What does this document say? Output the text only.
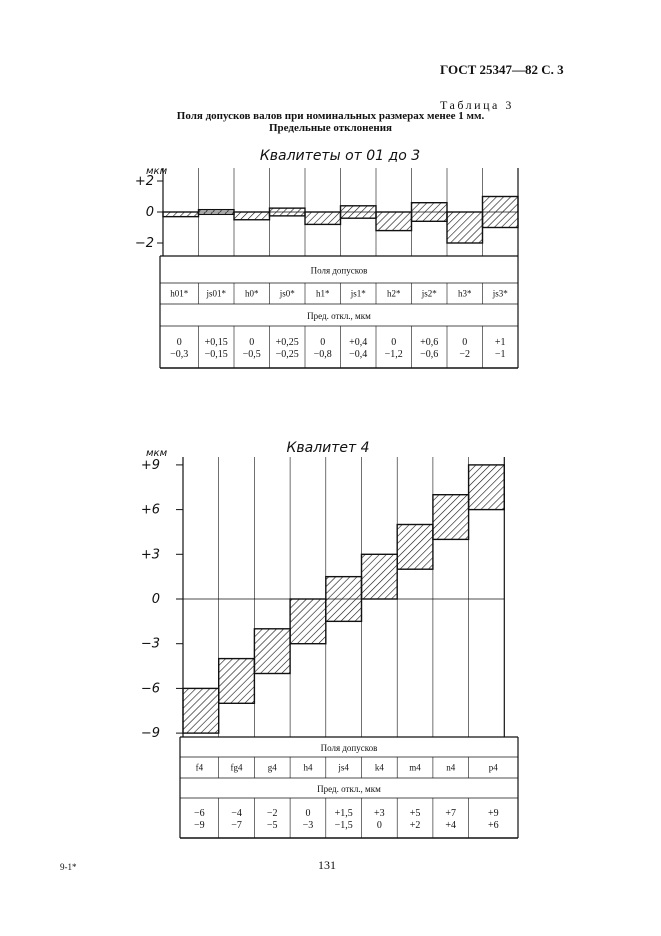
ГОСТ 25347—82 С. 3
Таблица 3
Поля допусков валов при номинальных размерах менее 1 мм.
Предельные отклонения
Квалитеты от 01 до 3
мкм
+2
0
−2
Поля допусков
Пред. откл., мкм
h01*
0
−0,3
js01*
+0,15
−0,15
h0*
0
−0,5
js0*
+0,25
−0,25
h1*
0
−0,8
js1*
+0,4
−0,4
h2*
0
−1,2
js2*
+0,6
−0,6
h3*
0
−2
js3*
+1
−1
Квалитет 4
мкм
+9
+6
+3
0
−3
−6
−9
Поля допусков
Пред. откл., мкм
f4
−6
−9
fg4
−4
−7
g4
−2
−5
h4
0
−3
js4
+1,5
−1,5
k4
+3
0
m4
+5
+2
n4
+7
+4
p4
+9
+6
9-1*	131
